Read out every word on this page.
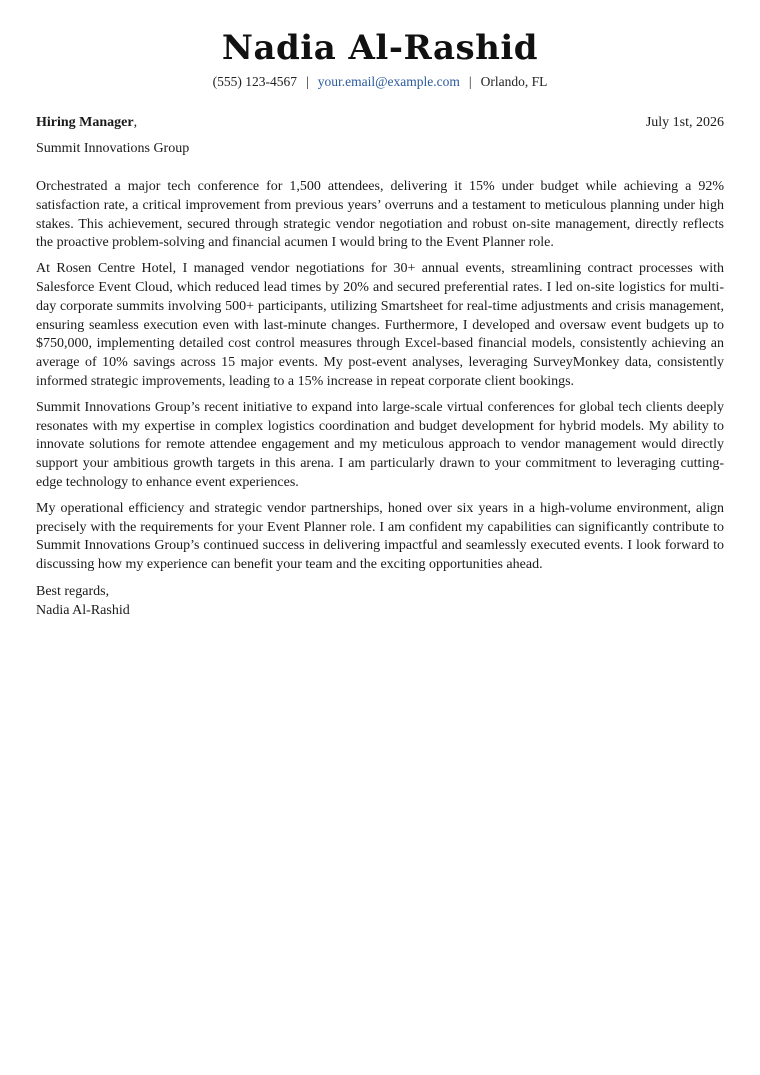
Nadia Al-Rashid
(555) 123-4567 | your.email@example.com | Orlando, FL
Hiring Manager,	July 1st, 2026
Summit Innovations Group

Orchestrated a major tech conference for 1,500 attendees, delivering it 15% under budget while achieving a 92% satisfaction rate, a critical improvement from previous years’ overruns and a testament to meticulous planning under high stakes. This achievement, secured through strategic vendor negotiation and robust on-site management, directly reflects the proactive problem-solving and financial acumen I would bring to the Event Planner role.

At Rosen Centre Hotel, I managed vendor negotiations for 30+ annual events, streamlining contract processes with Salesforce Event Cloud, which reduced lead times by 20% and secured preferential rates. I led on-site logistics for multi-day corporate summits involving 500+ participants, utilizing Smartsheet for real-time adjustments and crisis management, ensuring seamless execution even with last-minute changes. Furthermore, I developed and oversaw event budgets up to $750,000, implementing detailed cost control measures through Excel-based financial models, consistently achieving an average of 10% savings across 15 major events. My post-event analyses, leveraging SurveyMonkey data, consistently informed strategic improvements, leading to a 15% increase in repeat corporate client bookings.

Summit Innovations Group’s recent initiative to expand into large-scale virtual conferences for global tech clients deeply resonates with my expertise in complex logistics coordination and budget development for hybrid models. My ability to innovate solutions for remote attendee engagement and my meticulous approach to vendor management would directly support your ambitious growth targets in this arena. I am particularly drawn to your commitment to leveraging cutting-edge technology to enhance event experiences.

My operational efficiency and strategic vendor partnerships, honed over six years in a high-volume environment, align precisely with the requirements for your Event Planner role. I am confident my capabilities can significantly contribute to Summit Innovations Group’s continued success in delivering impactful and seamlessly executed events. I look forward to discussing how my experience can benefit your team and the exciting opportunities ahead.

Best regards,
Nadia Al-Rashid
